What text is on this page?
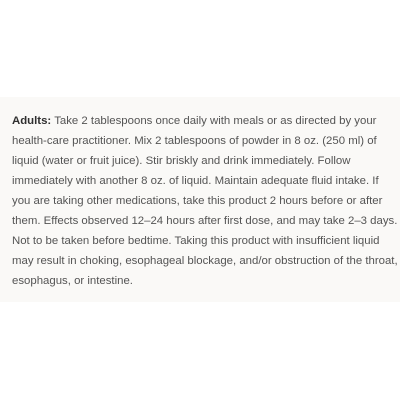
Adults: Take 2 tablespoons once daily with meals or as directed by your health-care practitioner. Mix 2 tablespoons of powder in 8 oz. (250 ml) of liquid (water or fruit juice). Stir briskly and drink immediately. Follow immediately with another 8 oz. of liquid. Maintain adequate fluid intake. If you are taking other medications, take this product 2 hours before or after them. Effects observed 12–24 hours after first dose, and may take 2–3 days. Not to be taken before bedtime. Taking this product with insufficient liquid may result in choking, esophageal blockage, and/or obstruction of the throat, esophagus, or intestine.
